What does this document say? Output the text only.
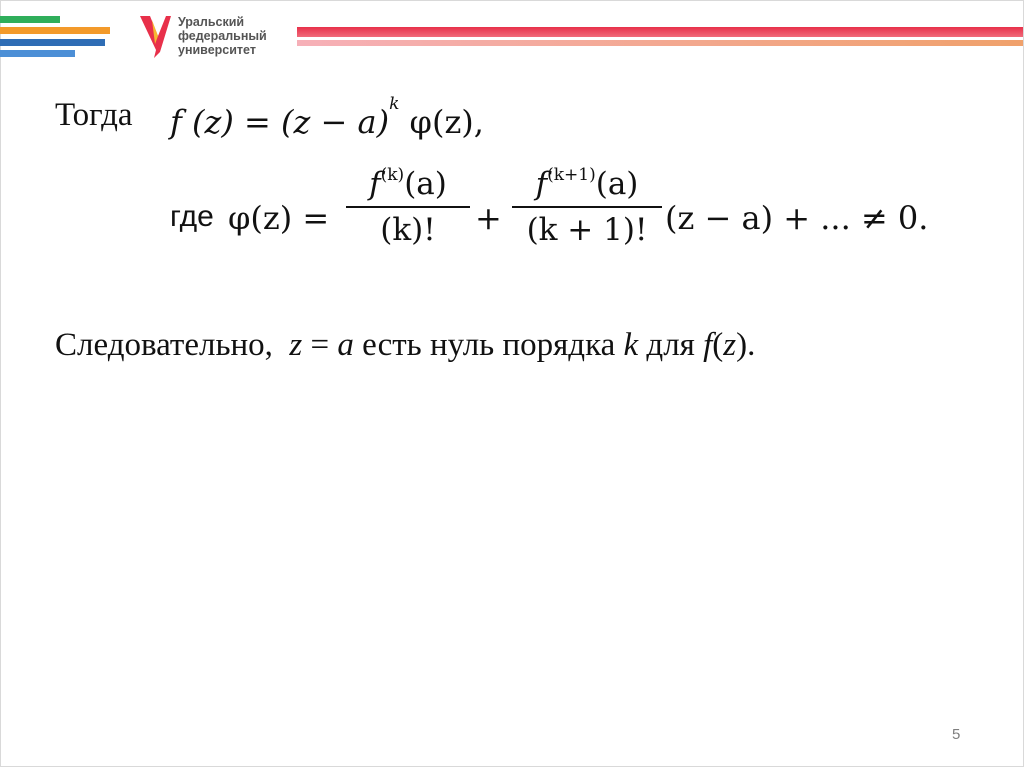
Уральский
федеральный
университет
Тогда f $(z) = (z - a)^k$ φ(z),
где $\varphi(z) = \frac{f^{(k)}(a)}{(k)!} + \frac{f^{(k+1)}(a)}{(k + 1)!} (z - a)$ + ... ≠ 0.
Следовательно, z = a есть нуль порядка k для f(z).
5
